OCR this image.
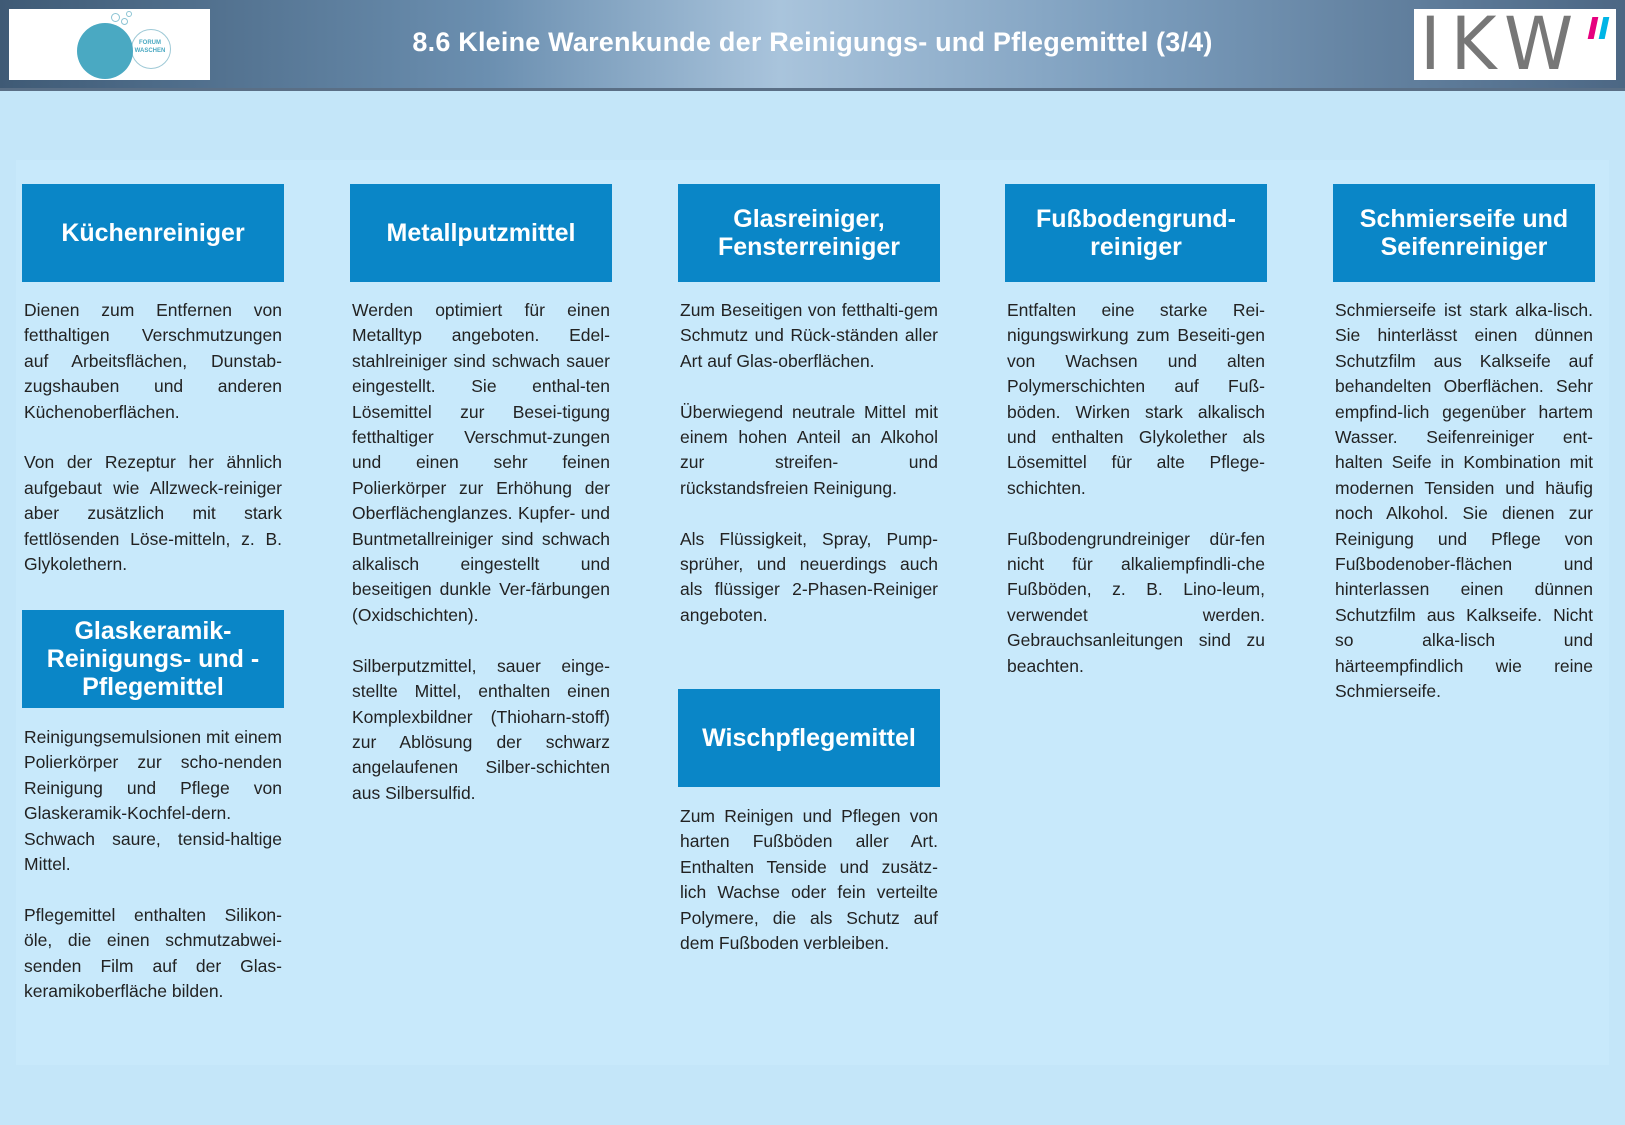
FORUM WASCHEN	8.6 Kleine Warenkunde der Reinigungs- und Pflegemittel (3/4)	IKW
Küchenreiniger
Dienen zum Entfernen von fetthaltigen Verschmutzungen auf Arbeitsflächen, Dunstab-zugshauben und anderen Küchenoberflächen.

Von der Rezeptur her ähnlich aufgebaut wie Allzweck-reiniger aber zusätzlich mit stark fettlösenden Löse-mitteln, z. B. Glykolethern.
Glaskeramik-Reinigungs- und -Pflegemittel
Reinigungsemulsionen mit einem Polierkörper zur scho-nenden Reinigung und Pflege von Glaskeramik-Kochfel-dern. Schwach saure, tensid-haltige Mittel.

Pflegemittel enthalten Silikon-öle, die einen schmutzabwei-senden Film auf der Glas-keramikoberfläche bilden.
Metallputzmittel
Werden optimiert für einen Metalltyp angeboten. Edel-stahlreiniger sind schwach sauer eingestellt. Sie enthal-ten Lösemittel zur Besei-tigung fetthaltiger Verschmut-zungen und einen sehr feinen Polierkörper zur Erhöhung der Oberflächenglanzes. Kupfer- und Buntmetallreiniger sind schwach alkalisch eingestellt und beseitigen dunkle Ver-färbungen (Oxidschichten).

Silberputzmittel, sauer einge-stellte Mittel, enthalten einen Komplexbildner (Thioharn-stoff) zur Ablösung der schwarz angelaufenen Silber-schichten aus Silbersulfid.
Glasreiniger, Fensterreiniger
Zum Beseitigen von fetthalti-gem Schmutz und Rück-ständen aller Art auf Glas-oberflächen.

Überwiegend neutrale Mittel mit einem hohen Anteil an Alkohol zur streifen- und rückstandsfreien Reinigung.

Als Flüssigkeit, Spray, Pump-sprüher, und neuerdings auch als flüssiger 2-Phasen-Reiniger angeboten.
Wischpflegemittel
Zum Reinigen und Pflegen von harten Fußböden aller Art. Enthalten Tenside und zusätz-lich Wachse oder fein verteilte Polymere, die als Schutz auf dem Fußboden verbleiben.
Fußbodengrund-reiniger
Entfalten eine starke Rei-nigungswirkung zum Beseiti-gen von Wachsen und alten Polymerschichten auf Fuß-böden. Wirken stark alkalisch und enthalten Glykolether als Lösemittel für alte Pflege-schichten.

Fußbodengrundreiniger dür-fen nicht für alkaliempfindli-che Fußböden, z. B. Lino-leum, verwendet werden. Gebrauchsanleitungen sind zu beachten.
Schmierseife und Seifenreiniger
Schmierseife ist stark alka-lisch. Sie hinterlässt einen dünnen Schutzfilm aus Kalkseife auf behandelten Oberflächen. Sehr empfind-lich gegenüber hartem Wasser. Seifenreiniger ent-halten Seife in Kombination mit modernen Tensiden und häufig noch Alkohol. Sie dienen zur Reinigung und Pflege von Fußbodenober-flächen und hinterlassen einen dünnen Schutzfilm aus Kalkseife. Nicht so alka-lisch und härteempfindlich wie reine Schmierseife.
